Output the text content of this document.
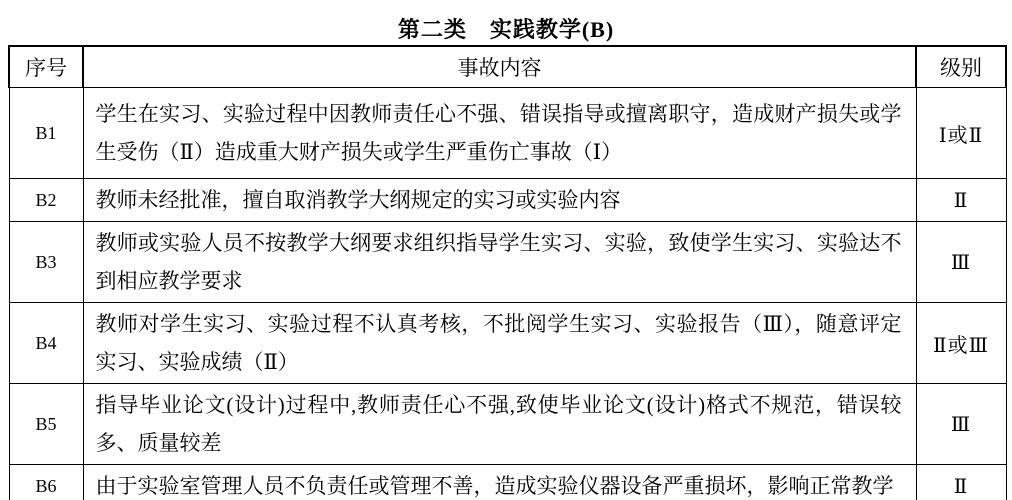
第二类　实践教学(B)
序号	事故内容	级别
B1	学生在实习、实验过程中因教师责任心不强、错误指导或擅离职守，造成财产损失或学生受伤（Ⅱ）造成重大财产损失或学生严重伤亡事故（Ⅰ）	Ⅰ或Ⅱ
B2	教师未经批准，擅自取消教学大纲规定的实习或实验内容	Ⅱ
B3	教师或实验人员不按教学大纲要求组织指导学生实习、实验，致使学生实习、实验达不到相应教学要求	Ⅲ
B4	教师对学生实习、实验过程不认真考核，不批阅学生实习、实验报告（Ⅲ），随意评定实习、实验成绩（Ⅱ）	Ⅱ或Ⅲ
B5	指导毕业论文(设计)过程中,教师责任心不强,致使毕业论文(设计)格式不规范，错误较多、质量较差	Ⅲ
B6	由于实验室管理人员不负责任或管理不善，造成实验仪器设备严重损坏，影响正常教学	Ⅱ
